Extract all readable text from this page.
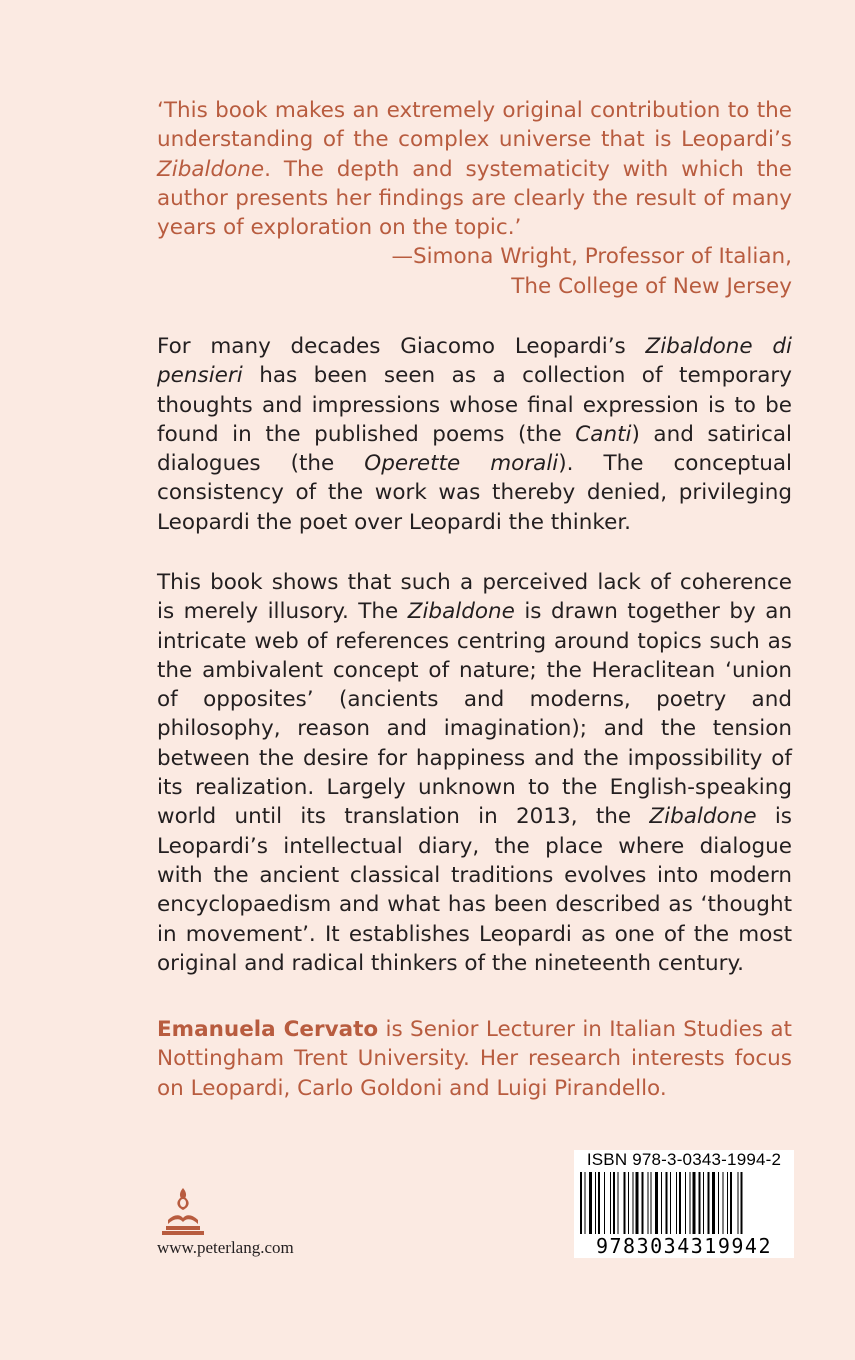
‘This book makes an extremely original contribution to the understanding of the complex universe that is Leopardi’s Zibaldone. The depth and systematicity with which the author presents her findings are clearly the result of many years of exploration on the topic.’

—Simona Wright, Professor of Italian,
The College of New Jersey

For many decades Giacomo Leopardi’s Zibaldone di pensieri has been seen as a collection of temporary thoughts and impressions whose final expression is to be found in the published poems (the Canti) and satirical dialogues (the Operette morali). The conceptual consistency of the work was thereby denied, privileging Leopardi the poet over Leopardi the thinker.

This book shows that such a perceived lack of coherence is merely illusory. The Zibaldone is drawn together by an intricate web of references centring around topics such as the ambivalent concept of nature; the Heraclitean ‘union of opposites’ (ancients and moderns, poetry and philosophy, reason and imagination); and the tension between the desire for happiness and the impossibility of its realization. Largely unknown to the English-speaking world until its translation in 2013, the Zibaldone is Leopardi’s intellectual diary, the place where dialogue with the ancient classical traditions evolves into modern encyclopaedism and what has been described as ‘thought in movement’. It establishes Leopardi as one of the most original and radical thinkers of the nineteenth century.

Emanuela Cervato is Senior Lecturer in Italian Studies at Nottingham Trent University. Her research interests focus on Leopardi, Carlo Goldoni and Luigi Pirandello.

www.peterlang.com
ISBN 978-3-0343-1994-2
9783034319942
